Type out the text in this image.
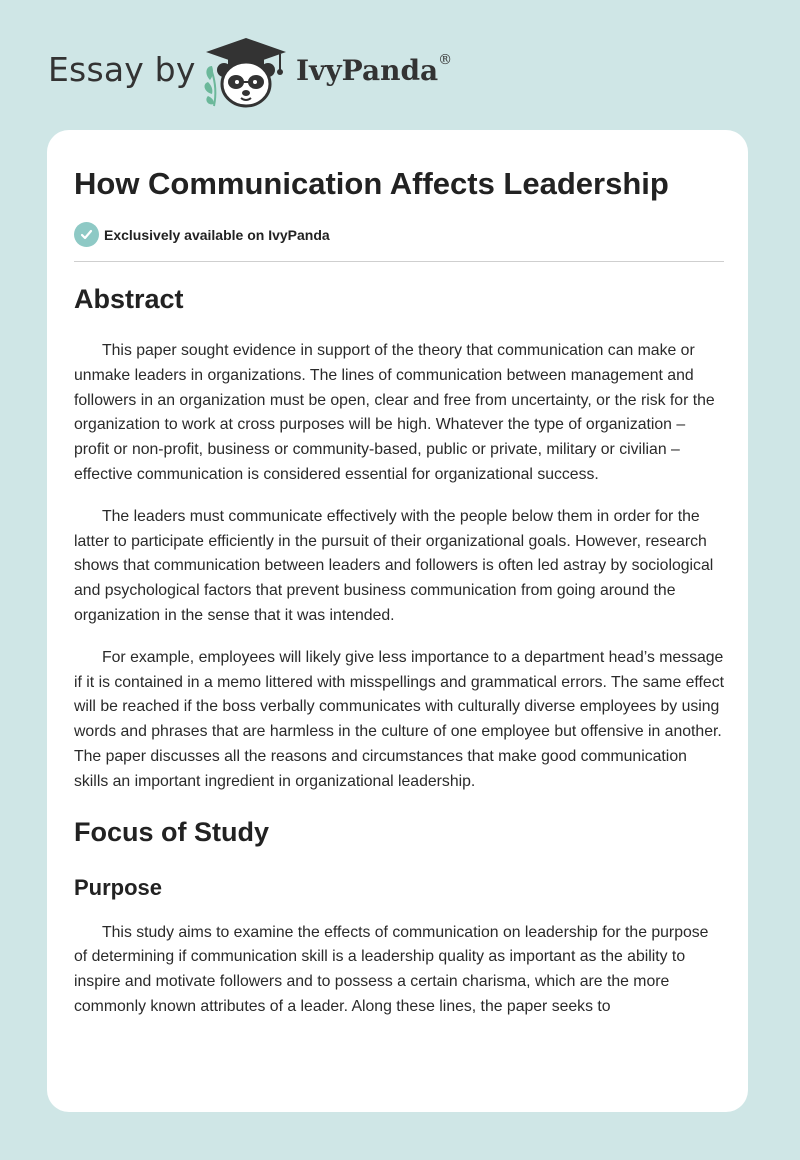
Essay by	IvyPanda®
How Communication Affects Leadership
Exclusively available on IvyPanda
Abstract

This paper sought evidence in support of the theory that communication can make or unmake leaders in organizations. The lines of communication between management and followers in an organization must be open, clear and free from uncertainty, or the risk for the organization to work at cross purposes will be high. Whatever the type of organization – profit or non-profit, business or community-based, public or private, military or civilian – effective communication is considered essential for organizational success.

The leaders must communicate effectively with the people below them in order for the latter to participate efficiently in the pursuit of their organizational goals. However, research shows that communication between leaders and followers is often led astray by sociological and psychological factors that prevent business communication from going around the organization in the sense that it was intended.

For example, employees will likely give less importance to a department head’s message if it is contained in a memo littered with misspellings and grammatical errors. The same effect will be reached if the boss verbally communicates with culturally diverse employees by using words and phrases that are harmless in the culture of one employee but offensive in another. The paper discusses all the reasons and circumstances that make good communication skills an important ingredient in organizational leadership.

Focus of Study
Purpose

This study aims to examine the effects of communication on leadership for the purpose of determining if communication skill is a leadership quality as important as the ability to inspire and motivate followers and to possess a certain charisma, which are the more commonly known attributes of a leader. Along these lines, the paper seeks to
